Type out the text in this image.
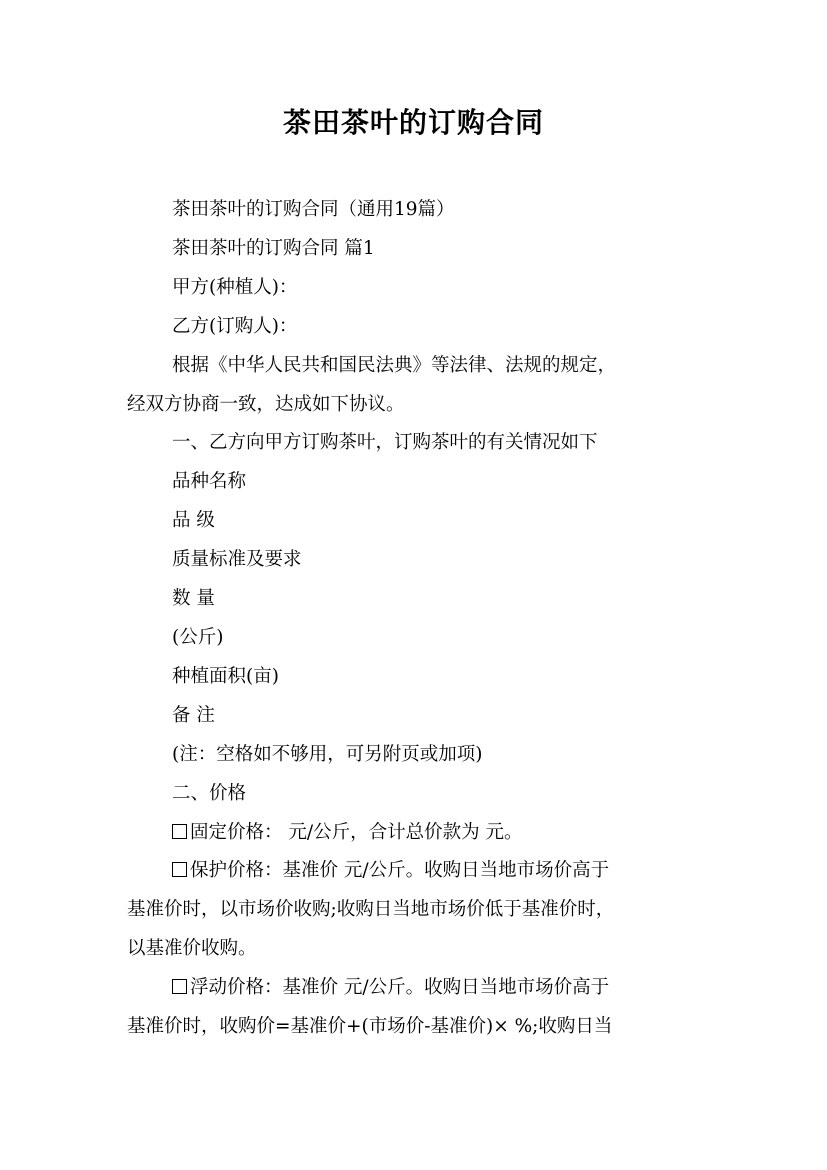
茶田茶叶的订购合同

茶田茶叶的订购合同（通用19篇）

茶田茶叶的订购合同 篇1

甲方(种植人)：

乙方(订购人)：

根据《中华人民共和国民法典》等法律、法规的规定，

经双方协商一致，达成如下协议。

一、乙方向甲方订购茶叶，订购茶叶的有关情况如下

品种名称

品 级

质量标准及要求

数 量

(公斤)

种植面积(亩)

备 注

(注：空格如不够用，可另附页或加项)

二、价格

固定价格： 元/公斤，合计总价款为 元。

保护价格：基准价 元/公斤。收购日当地市场价高于

基准价时，以市场价收购;收购日当地市场价低于基准价时，

以基准价收购。

浮动价格：基准价 元/公斤。收购日当地市场价高于

基准价时，收购价=基准价+(市场价-基准价)× %;收购日当
